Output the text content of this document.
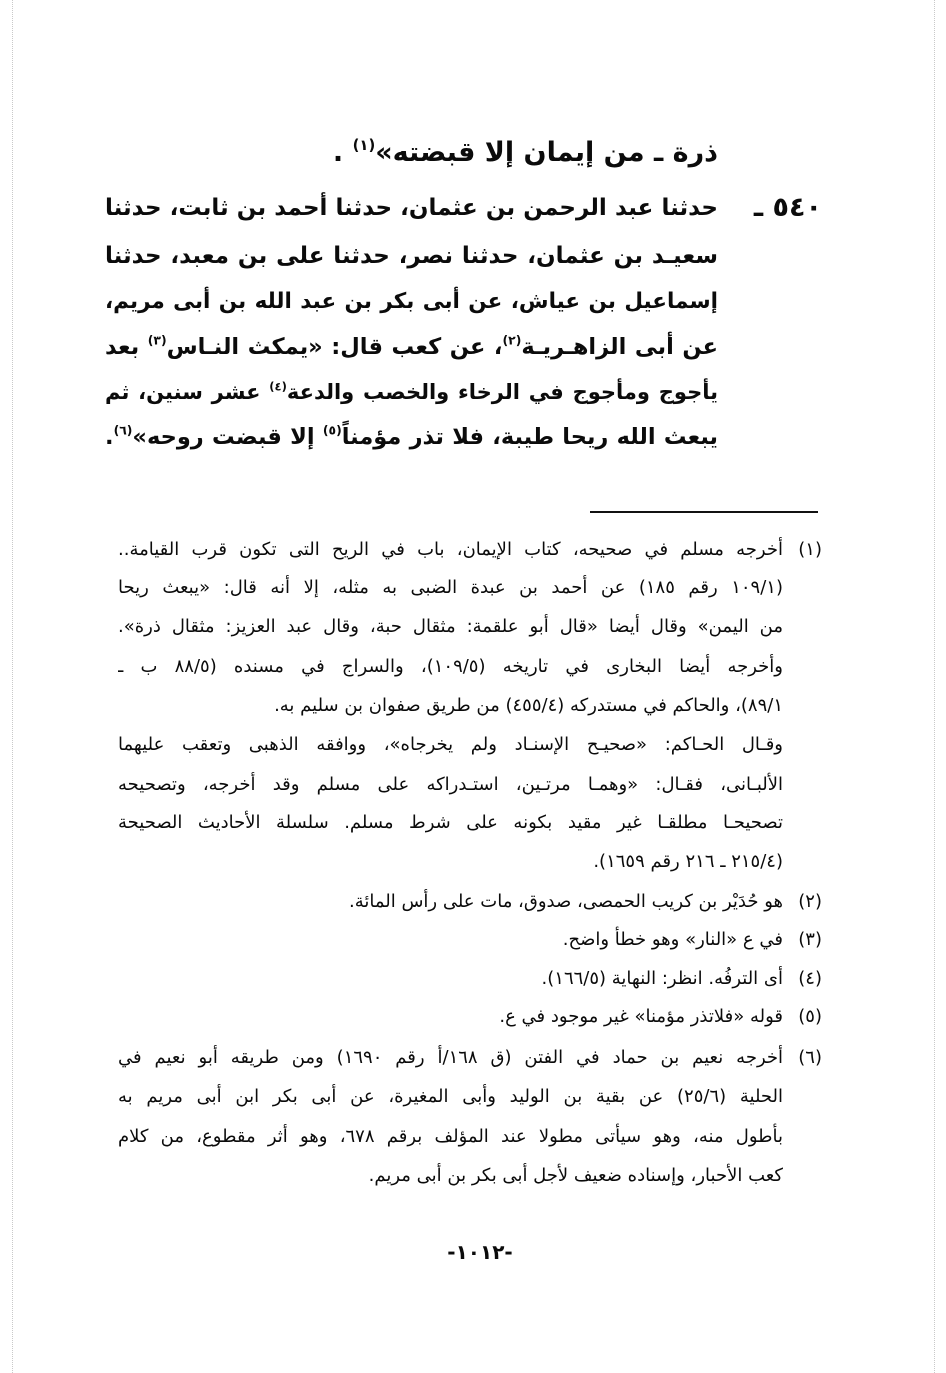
ذرة ـ من إيمان إلا قبضته»$^{(١)}$ .
٥٤٠ ـ
حدثنا عبد الرحمن بن عثمان، حدثنا أحمد بن ثابت، حدثنا
سعيـد بن عثمان، حدثنا نصر، حدثنا على بن معبد، حدثنا
إسماعيل بن عياش، عن أبى بكر بن عبد الله بن أبى مريم،
عن أبى الزاهـريـة$^{(٢)}$، عن كعب قال: «يمكث النـاس$^{(٣)}$ بعد
يأجوج ومأجوج في الرخاء والخصب والدعة$^{(٤)}$ عشر سنين، ثم
يبعث الله ريحا طيبة، فلا تذر مؤمناً$^{(٥)}$ إلا قبضت روحه»$^{(٦)}$.
(١)
أخرجه مسلم في صحيحه، كتاب الإيمان، باب في الريح التى تكون قرب القيامة..
(١٠٩/١ رقم ١٨٥) عن أحمد بن عبدة الضبى به مثله، إلا أنه قال: «يبعث ريحا
من اليمن» وقال أيضا «قال أبو علقمة: مثقال حبة، وقال عبد العزيز: مثقال ذرة».
وأخرجه أيضا البخارى في تاريخه (١٠٩/٥)، والسراج في مسنده (٨٨/٥ ب ـ
٨٩/١)، والحاكم في مستدركه (٤٥٥/٤) من طريق صفوان بن سليم به.
وقـال الحـاكم: «صحيـح الإسنـاد ولم يخرجاه»، ووافقه الذهبى وتعقب عليهما
الألبـانى، فقـال: «وهمـا مرتـين، استـدراكه على مسلم وقد أخرجه، وتصحيحه
تصحيحـا مطلقـا غير مقيد بكونه على شرط مسلم. سلسلة الأحاديث الصحيحة
(٢١٥/٤ ـ ٢١٦ رقم ١٦٥٩).
(٢)
هو حُدَيْر بن كريب الحمصى، صدوق، مات على رأس المائة.
(٣)
في ع «النار» وهو خطأ واضح.
(٤)
أى الترفُه. انظر: النهاية (١٦٦/٥).
(٥)
قوله «فلاتذر مؤمنا» غير موجود في ع.
(٦)
أخرجه نعيم بن حماد في الفتن (ق ١٦٨/أ رقم ١٦٩٠) ومن طريقه أبو نعيم في
الحلية (٢٥/٦) عن بقية بن الوليد وأبى المغيرة، عن أبى بكر ابن أبى مريم به
بأطول منه، وهو سيأتى مطولا عند المؤلف برقم ٦٧٨، وهو أثر مقطوع، من كلام
كعب الأحبار، وإسناده ضعيف لأجل أبى بكر بن أبى مريم.
-١٠١٢-
